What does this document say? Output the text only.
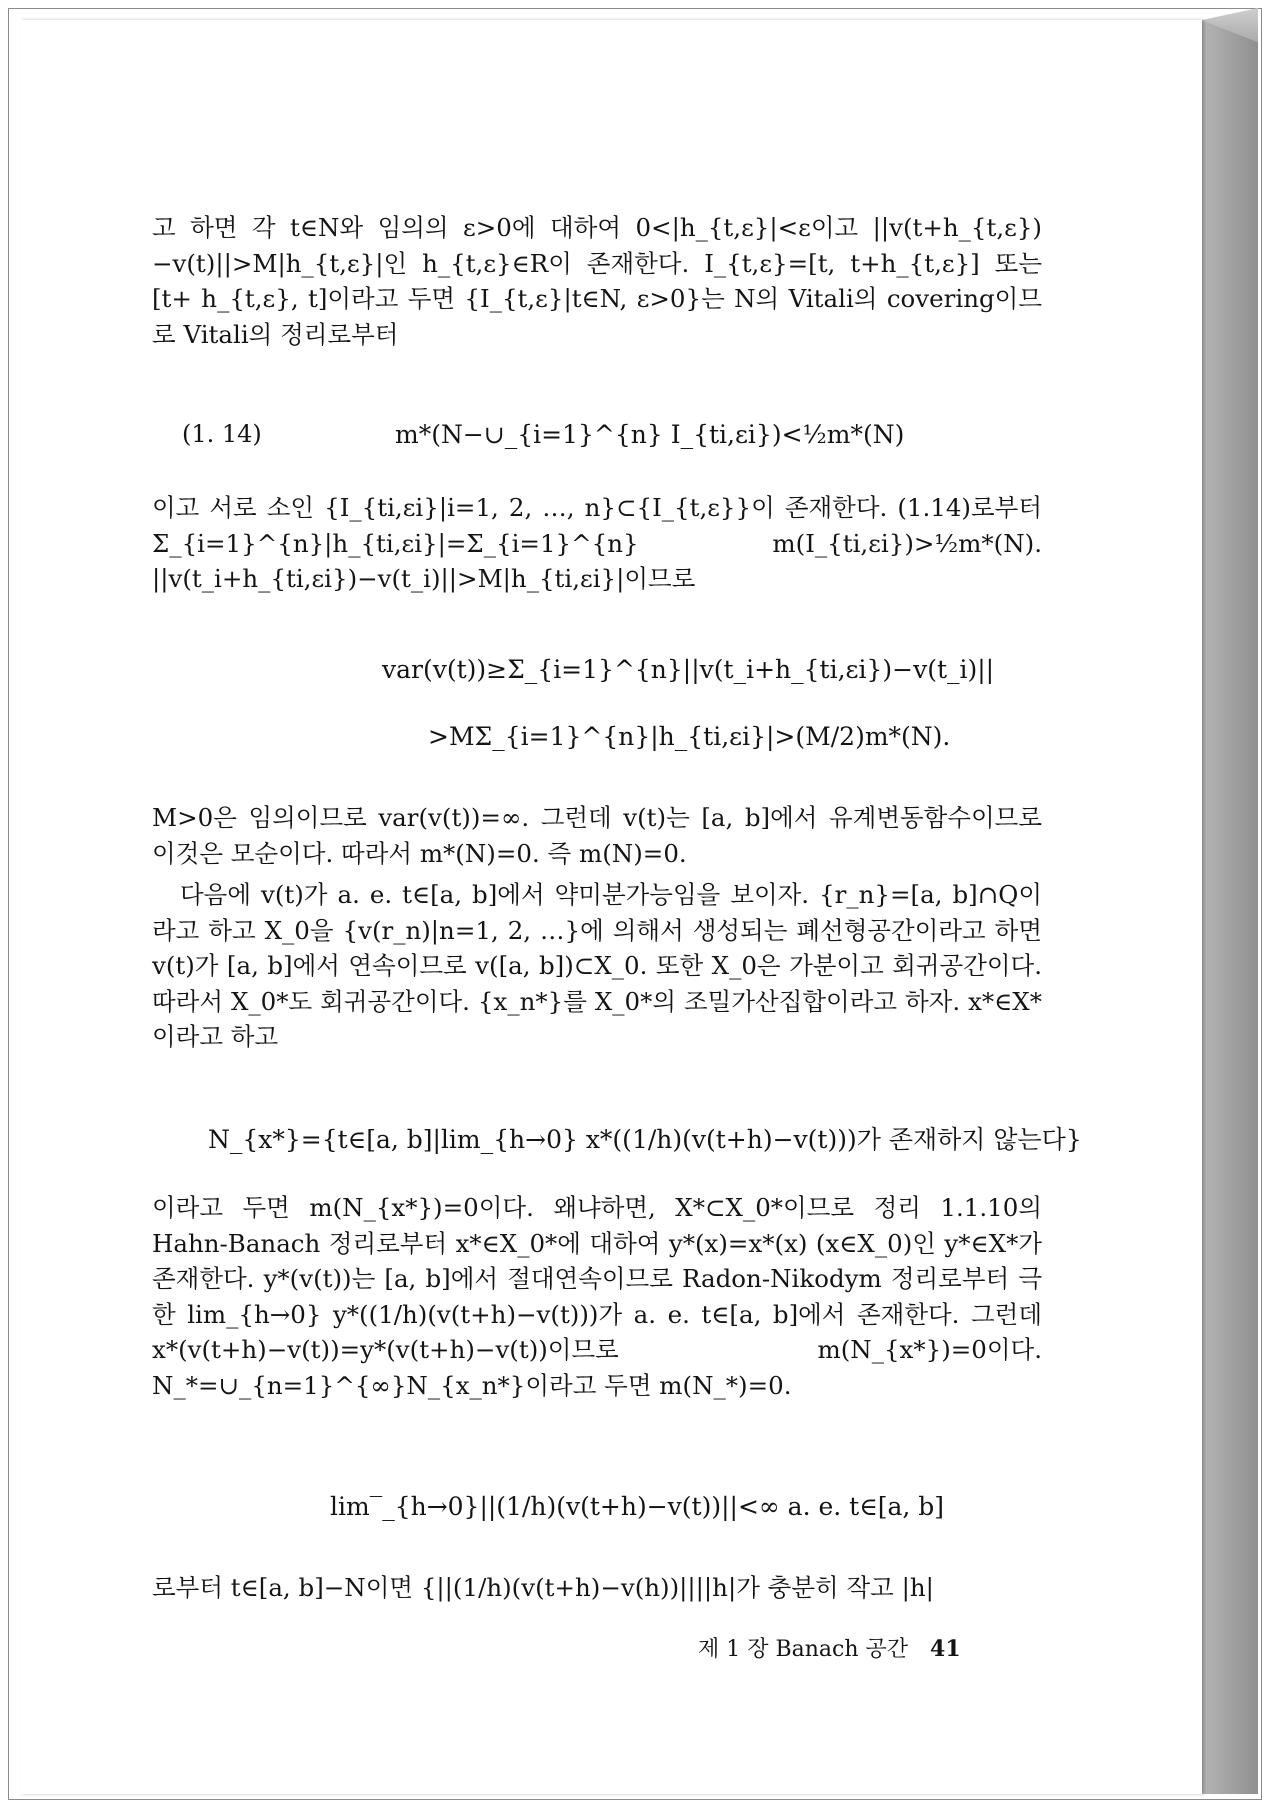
고 하면 각 t∈N와 임의의 ε>0에 대하여 0<|h_{t,ε}|<ε이고 ||v(t+h_{t,ε}) −v(t)||>M|h_{t,ε}|인 h_{t,ε}∈R이 존재한다. I_{t,ε}=[t, t+h_{t,ε}] 또는 [t+ h_{t,ε}, t]이라고 두면 {I_{t,ε}|t∈N, ε>0}는 N의 Vitali의 covering이므로 Vitali의 정리로부터

(1. 14)	m*(N−∪_{i=1}^{n} I_{ti,εi})<½m*(N)

이고 서로 소인 {I_{ti,εi}|i=1, 2, …, n}⊂{I_{t,ε}}이 존재한다. (1.14)로부터 Σ_{i=1}^{n}|h_{ti,εi}|=Σ_{i=1}^{n} m(I_{ti,εi})>½m*(N). ||v(t_i+h_{ti,εi})−v(t_i)||>M|h_{ti,εi}|이므로

var(v(t))≥Σ_{i=1}^{n}||v(t_i+h_{ti,εi})−v(t_i)||
>MΣ_{i=1}^{n}|h_{ti,εi}|>(M/2)m*(N).

M>0은 임의이므로 var(v(t))=∞. 그런데 v(t)는 [a, b]에서 유계변동함수이므로 이것은 모순이다. 따라서 m*(N)=0. 즉 m(N)=0.

다음에 v(t)가 a. e. t∈[a, b]에서 약미분가능임을 보이자. {r_n}=[a, b]∩Q이라고 하고 X_0을 {v(r_n)|n=1, 2, …}에 의해서 생성되는 폐선형공간이라고 하면 v(t)가 [a, b]에서 연속이므로 v([a, b])⊂X_0. 또한 X_0은 가분이고 회귀공간이다. 따라서 X_0*도 회귀공간이다. {x_n*}를 X_0*의 조밀가산집합이라고 하자. x*∈X*이라고 하고

N_{x*}={t∈[a, b]|lim_{h→0} x*((1/h)(v(t+h)−v(t)))가 존재하지 않는다}

이라고 두면 m(N_{x*})=0이다. 왜냐하면, X*⊂X_0*이므로 정리 1.1.10의 Hahn-Banach 정리로부터 x*∈X_0*에 대하여 y*(x)=x*(x) (x∈X_0)인 y*∈X*가 존재한다. y*(v(t))는 [a, b]에서 절대연속이므로 Radon-Nikodym 정리로부터 극한 lim_{h→0} y*((1/h)(v(t+h)−v(t)))가 a. e. t∈[a, b]에서 존재한다. 그런데 x*(v(t+h)−v(t))=y*(v(t+h)−v(t))이므로 m(N_{x*})=0이다. N_*=∪_{n=1}^{∞}N_{x_n*}이라고 두면 m(N_*)=0.

lim‾_{h→0}||(1/h)(v(t+h)−v(t))||<∞ a. e. t∈[a, b]

로부터 t∈[a, b]−N이면 {||(1/h)(v(t+h)−v(h))||||h|가 충분히 작고 |h|

제 1 장 Banach 공간 41
